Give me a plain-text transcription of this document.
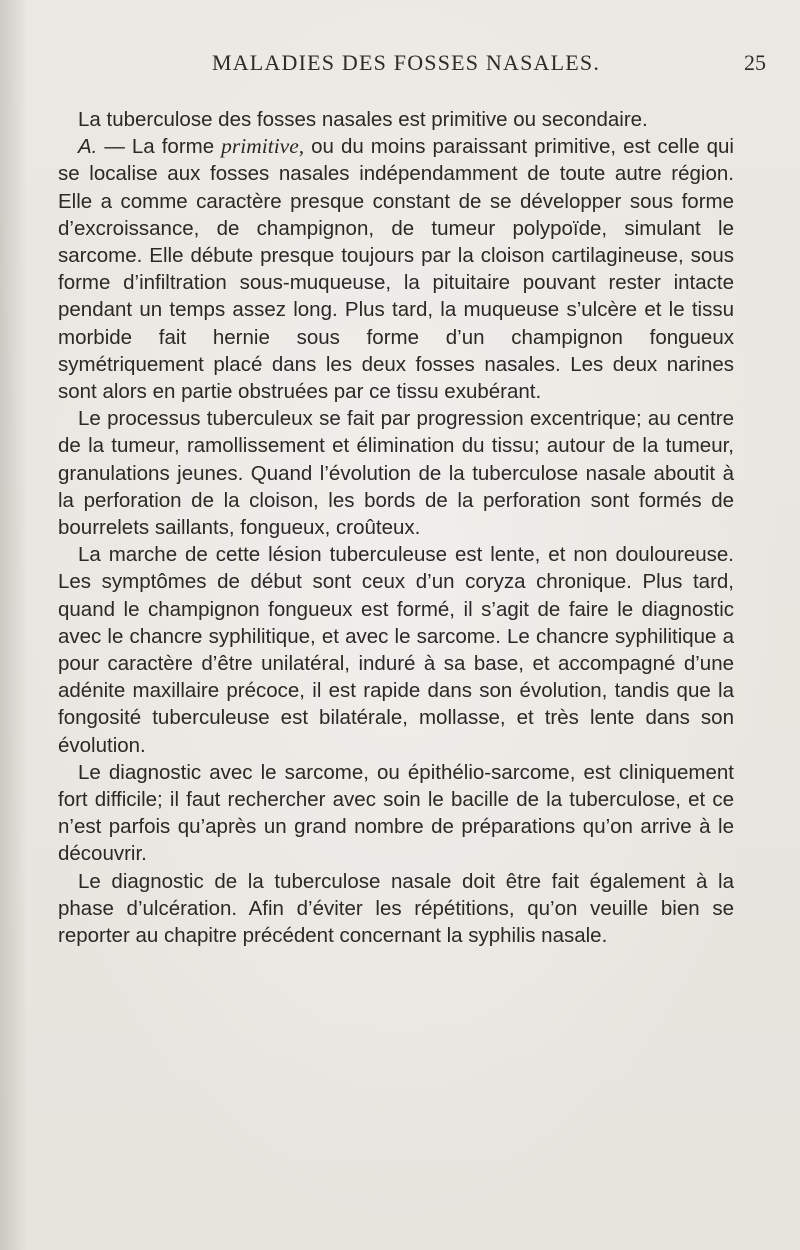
MALADIES DES FOSSES NASALES.	25

La tuberculose des fosses nasales est primitive ou secondaire.

A. — La forme primitive, ou du moins paraissant primitive, est celle qui se localise aux fosses nasales indépendamment de toute autre région. Elle a comme caractère presque constant de se développer sous forme d’excroissance, de champignon, de tumeur polypoïde, simulant le sarcome. Elle débute presque toujours par la cloison cartilagineuse, sous forme d’infiltration sous-muqueuse, la pituitaire pouvant rester intacte pendant un temps assez long. Plus tard, la muqueuse s’ulcère et le tissu morbide fait hernie sous forme d’un champignon fongueux symétriquement placé dans les deux fosses nasales. Les deux narines sont alors en partie obstruées par ce tissu exubérant.

Le processus tuberculeux se fait par progression excentrique; au centre de la tumeur, ramollissement et élimination du tissu; autour de la tumeur, granulations jeunes. Quand l’évolution de la tuberculose nasale aboutit à la perforation de la cloison, les bords de la perforation sont formés de bourrelets saillants, fongueux, croûteux.

La marche de cette lésion tuberculeuse est lente, et non douloureuse. Les symptômes de début sont ceux d’un coryza chronique. Plus tard, quand le champignon fongueux est formé, il s’agit de faire le diagnostic avec le chancre syphilitique, et avec le sarcome. Le chancre syphilitique a pour caractère d’être unilatéral, induré à sa base, et accompagné d’une adénite maxillaire précoce, il est rapide dans son évolution, tandis que la fongosité tuberculeuse est bilatérale, mollasse, et très lente dans son évolution.

Le diagnostic avec le sarcome, ou épithélio-sarcome, est cliniquement fort difficile; il faut rechercher avec soin le bacille de la tuberculose, et ce n’est parfois qu’après un grand nombre de préparations qu’on arrive à le découvrir.

Le diagnostic de la tuberculose nasale doit être fait également à la phase d’ulcération. Afin d’éviter les répétitions, qu’on veuille bien se reporter au chapitre précédent concernant la syphilis nasale.
